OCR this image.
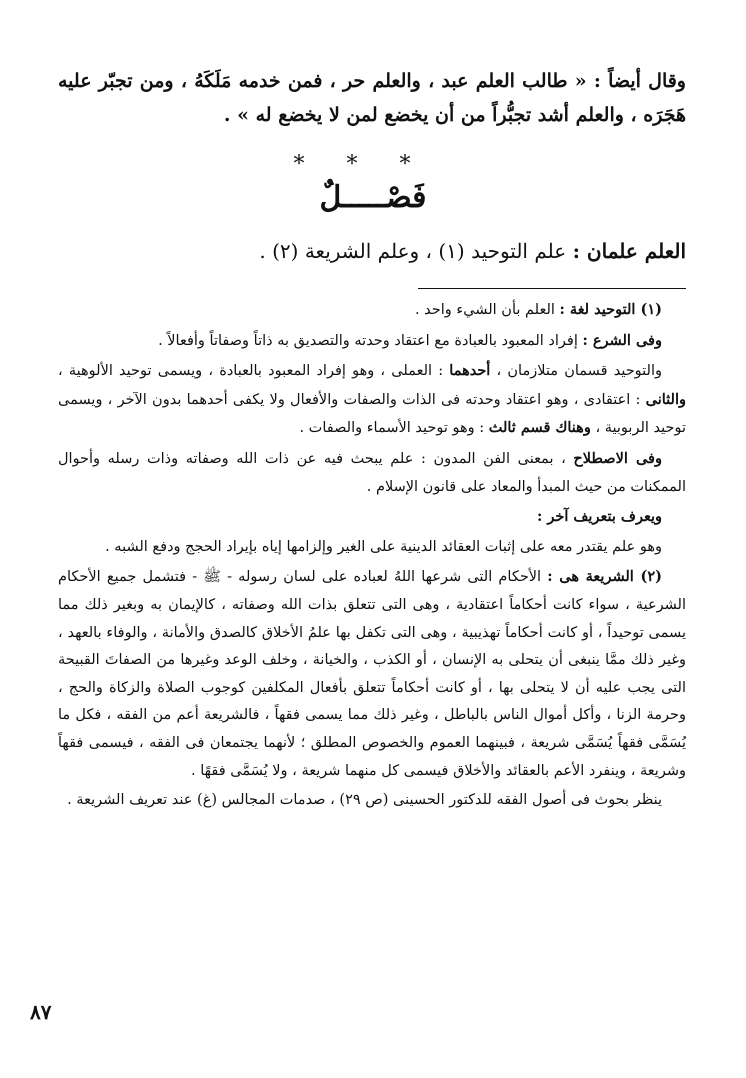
وقال أيضاً : « طالب العلم عبد ، والعلم حر ، فمن خدمه مَلَكَهُ ، ومن تجبّر عليه هَجَرَه ، والعلم أشد تجبُّراً من أن يخضع لمن لا يخضع له » .
***
فَصْـــــلٌ
العلم علمان : علم التوحيد (١) ، وعلم الشريعة (٢) .

(١) التوحيد لغة : العلم بأن الشيء واحد .

وفى الشرع : إفراد المعبود بالعبادة مع اعتقاد وحدته والتصديق به ذاتاً وصفاتاً وأفعالاً .

والتوحيد قسمان متلازمان ، أحدهما : العملى ، وهو إفراد المعبود بالعبادة ، ويسمى توحيد الألوهية ، والثانى : اعتقادى ، وهو اعتقاد وحدته فى الذات والصفات والأفعال ولا يكفى أحدهما بدون الآخر ، ويسمى توحيد الربوبية ، وهناك قسم ثالث : وهو توحيد الأسماء والصفات .

وفى الاصطلاح ، بمعنى الفن المدون : علم يبحث فيه عن ذات الله وصفاته وذات رسله وأحوال الممكنات من حيث المبدأ والمعاد على قانون الإسلام .

ويعرف بتعريف آخر :

وهو علم يقتدر معه على إثبات العقائد الدينية على الغير وإلزامها إياه بإيراد الحجج ودفع الشبه .

(٢) الشريعة هى : الأحكام التى شرعها اللهُ لعباده على لسان رسوله - ﷺ - فتشمل جميع الأحكام الشرعية ، سواء كانت أحكاماً اعتقادية ، وهى التى تتعلق بذات الله وصفاته ، كالإيمان به وبغير ذلك مما يسمى توحيداً ، أو كانت أحكاماً تهذيبية ، وهى التى تكفل بها علمُ الأخلاق كالصدق والأمانة ، والوفاء بالعهد ، وغير ذلك ممَّا ينبغى أن يتحلى به الإنسان ، أو الكذب ، والخيانة ، وخلف الوعد وغيرها من الصفاتَ القبيحة التى يجب عليه أن لا يتحلى بها ، أو كانت أحكاماً تتعلق بأفعال المكلفين كوجوب الصلاة والزكاة والحج ، وحرمة الزنا ، وأكل أموال الناس بالباطل ، وغير ذلك مما يسمى فقهاً ، فالشريعة أعم من الفقه ، فكل ما يُسَمَّى فقهاً يُسَمَّى شريعة ، فبينهما العموم والخصوص المطلق ؛ لأنهما يجتمعان فى الفقه ، فيسمى فقهاً وشريعة ، وينفرد الأعم بالعقائد والأخلاق فيسمى كل منهما شريعة ، ولا يُسَمَّى فقهًا .

ينظر بحوث فى أصول الفقه للدكتور الحسينى (ص ٢٩) ، صدمات المجالس (غ) عند تعريف الشريعة .

٨٧
